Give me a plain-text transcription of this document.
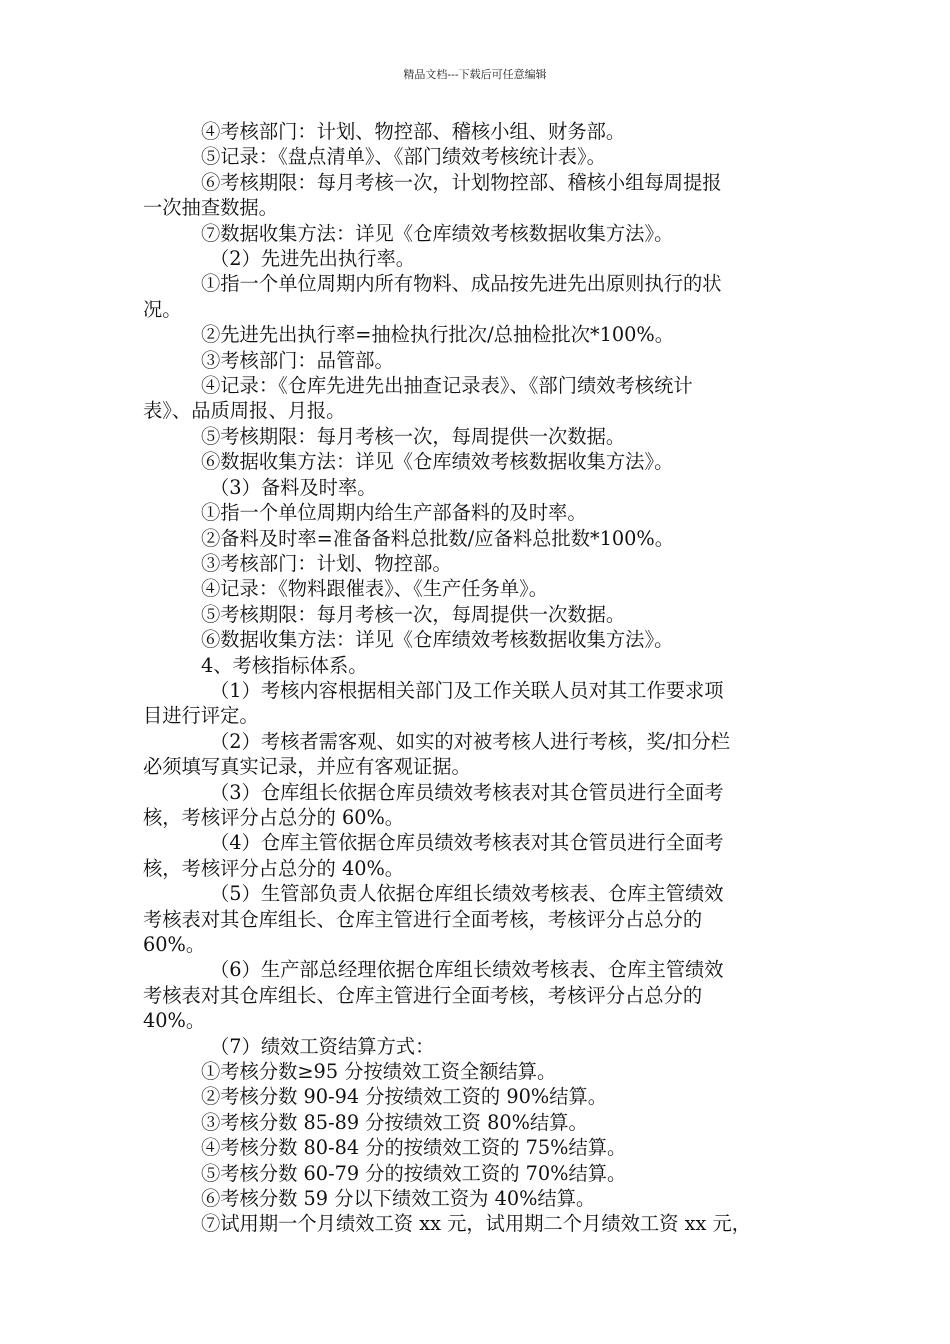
精品文档---下载后可任意编辑

④考核部门：计划、物控部、稽核小组、财务部。

⑤记录：《盘点清单》、《部门绩效考核统计表》。

⑥考核期限：每月考核一次，计划物控部、稽核小组每周提报

一次抽查数据。

⑦数据收集方法：详见《仓库绩效考核数据收集方法》。

（2）先进先出执行率。

①指一个单位周期内所有物料、成品按先进先出原则执行的状

况。

②先进先出执行率=抽检执行批次/总抽检批次*100%。

③考核部门：品管部。

④记录：《仓库先进先出抽查记录表》、《部门绩效考核统计

表》、品质周报、月报。

⑤考核期限：每月考核一次，每周提供一次数据。

⑥数据收集方法：详见《仓库绩效考核数据收集方法》。

（3）备料及时率。

①指一个单位周期内给生产部备料的及时率。

②备料及时率=准备备料总批数/应备料总批数*100%。

③考核部门：计划、物控部。

④记录：《物料跟催表》、《生产任务单》。

⑤考核期限：每月考核一次，每周提供一次数据。

⑥数据收集方法：详见《仓库绩效考核数据收集方法》。

4、考核指标体系。

（1）考核内容根据相关部门及工作关联人员对其工作要求项

目进行评定。

（2）考核者需客观、如实的对被考核人进行考核，奖/扣分栏

必须填写真实记录，并应有客观证据。

（3）仓库组长依据仓库员绩效考核表对其仓管员进行全面考

核，考核评分占总分的 60%。

（4）仓库主管依据仓库员绩效考核表对其仓管员进行全面考

核，考核评分占总分的 40%。

（5）生管部负责人依据仓库组长绩效考核表、仓库主管绩效

考核表对其仓库组长、仓库主管进行全面考核，考核评分占总分的

60%。

（6）生产部总经理依据仓库组长绩效考核表、仓库主管绩效

考核表对其仓库组长、仓库主管进行全面考核，考核评分占总分的

40%。

（7）绩效工资结算方式：

①考核分数≥95 分按绩效工资全额结算。

②考核分数 90-94 分按绩效工资的 90%结算。

③考核分数 85-89 分按绩效工资 80%结算。

④考核分数 80-84 分的按绩效工资的 75%结算。

⑤考核分数 60-79 分的按绩效工资的 70%结算。

⑥考核分数 59 分以下绩效工资为 40%结算。

⑦试用期一个月绩效工资 xx 元，试用期二个月绩效工资 xx 元，
